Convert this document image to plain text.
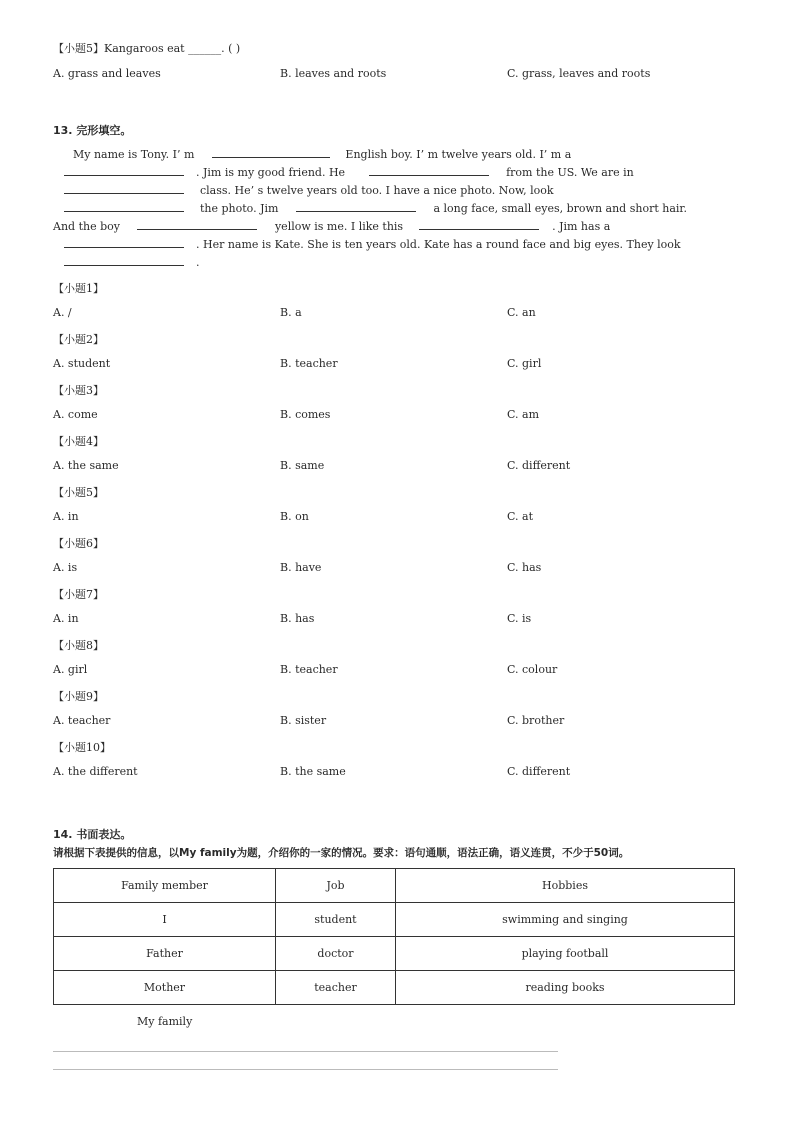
【小题5】Kangaroos eat ______. ( )
A. grass and leaves	B. leaves and roots	C. grass, leaves and roots
13. 完形填空。
My name is Tony. I’ m	English boy. I’ m twelve years old. I’ m a
. Jim is my good friend. He	from the US. We are in
class. He’ s twelve years old too. I have a nice photo. Now, look
the photo. Jim	a long face, small eyes, brown and short hair.
And the boy	yellow is me. I like this	. Jim has a
. Her name is Kate. She is ten years old. Kate has a round face and big eyes. They look
.
【小题1】
A. /	B. a	C. an
【小题2】
A. student	B. teacher	C. girl
【小题3】
A. come	B. comes	C. am
【小题4】
A. the same	B. same	C. different
【小题5】
A. in	B. on	C. at
【小题6】
A. is	B. have	C. has
【小题7】
A. in	B. has	C. is
【小题8】
A. girl	B. teacher	C. colour
【小题9】
A. teacher	B. sister	C. brother
【小题10】
A. the different	B. the same	C. different
14. 书面表达。
请根据下表提供的信息，以My family为题，介绍你的一家的情况。要求：语句通顺，语法正确，语义连贯，不少于50词。
Family member	Job	Hobbies
I	student	swimming and singing
Father	doctor	playing football
Mother	teacher	reading books
My family
